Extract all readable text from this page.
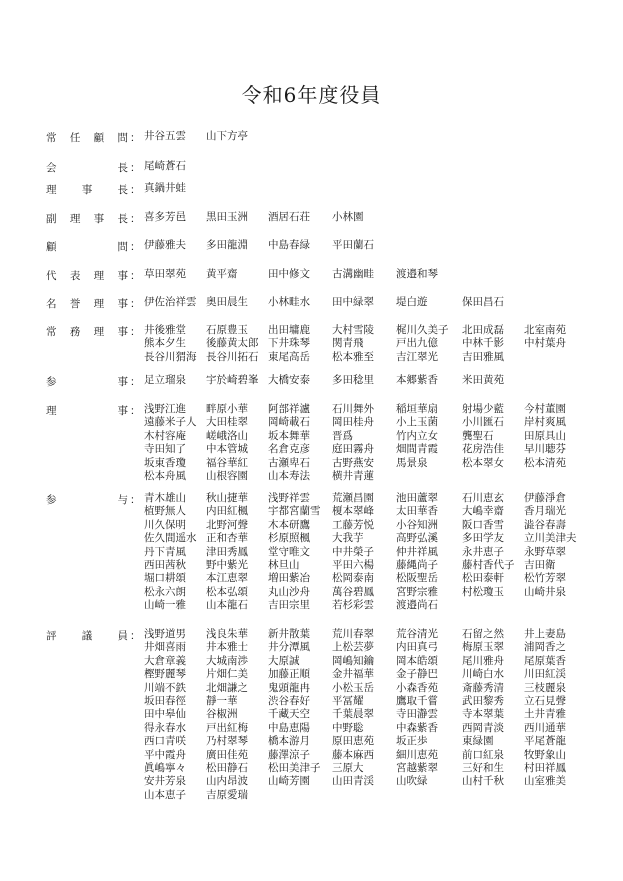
令和6年度役員
常 任 顧 問 ： 井谷五雲 山下方亭
会	長 ： 尾崎蒼石
理 事 長 ： 真鍋井蛙
副 理 事 長 ： 喜多芳邑 黒田玉洲 酒居石荘 小林園
顧	問 ： 伊藤雅夫 多田龍淵 中島春緑 平田蘭石
代 表 理 事 ： 草田翠苑 黄平齋	田中修文 古溝幽畦 渡邉和琴
名 誉 理 事 ： 伊佐治祥雲 奥田晨生 小林畦水 田中緑翠 堤白遊	保田昌石
常 務 理 事 ： 井後雅堂 石原豊玉 出田墉鹿 大村雪陵 梶川久美子 北田成磊 北室南苑
熊本夕生 後藤黄太郎 下井珠琴 関青飛	戸出九億 中林千影 中村葉舟
長谷川猬海 長谷川拓石 東尾高岳 松本雅至 吉江翠光 吉田雅風
参	事 ： 足立瑠泉 宇於崎碧峯 大橋安泰 多田稔里 本郷紫香 米田黄苑
理	事 ： 浅野江進 畔原小華 阿部祥瀘 石川舞外 稲垣華扇 射場少藍 今村董園
遠藤米子人 大田桂翠 岡崎載石 岡田桂舟 小上玉菌 小川匯石 岸村爽風
木村容庵 嵯峨洛山 坂本舞華 晋爲	竹内立女 龔聖石	田原具山
寺田知了 中本管城 名倉克彦 庭田霧舟 畑間青霞 花房浩佳 早川聴芬
坂東香瓊 福谷華紅 古瀬卑石 古野燕安 馬景泉	松本翠女 松本清苑
松本舟風 山根容園 山本寿法 横井青蓮
参	与 ： 青木雄山 秋山捷華 浅野祥雲 荒瀬昌園 池田蘆翠 石川恵玄 伊藤淨倉
植野無人 内田紅楓 宇都宮蘭雪 榎本翠峰 太田華香 大嶋幸齋 香月瑞光
川久保明 北野河聲 木本研鷹 工藤芳悦 小谷知洲 阪口香雪 澁谷春壽
佐久間遥水 正和杏華 杉原照楓 大我芋	高野弘溪 多田学友 立川美津夫
丹下青風 津田秀鳳 堂守唯文 中井榮子 仲井祥風 永井恵子 永野草翠
西田茜秋 野中紫光 林旦山	平田六楊 藤縄尚子 藤村香代子 吉田衛
堀口耕頌 本江恵翠 増田紫冶 松岡泰南 松阪聖岳 松田泰軒 松竹芳翠
松永六朗 松本弘頌 丸山沙舟 萬谷碧鳳 宮野宗雅 村松瓊玉 山崎井泉
山崎一雅 山本龍石 吉田宗里 若杉彩雲 渡邉尚石
評 議 員 ： 浅野道男 浅良朱華 新井散葉 荒川春翠 荒谷清光 石留之然 井上妻島
井畑喜雨 井本雅士 井分潭風 上松芸夢 内田真弓 梅原玉翠 浦岡香之
大倉章義 大城南渉 大原誠	岡嶋知鑰 岡本皓頌 尾川雅舟 尾原葉香
樫野麗琴 片畑仁美 加藤正順 金井福華 金子静巴 川崎白水 川田紅渓
川端不鉄 北畑謙之 鬼頭龍冉 小松玉岳 小森香苑 斎藤秀清 三枝麗泉
坂田春徑 靜一華	渋谷春好 平冨耀	鷹取千嘗 武田黎秀 立石見聲
田中皋仙 谷椒洲	千藏天空 千葉晨翠 寺田瀞雲 寺本翠葉 土井青雅
得永春水 戸出紅梅 中島恵陽 中野聡	中森紫香 西岡青淡 西川通華
西口青咲 乃村翠琴 橋本游月 原田恵苑 坂正歩	東緑園	平尾蒼龍
平中霞舟 廣田佳苑 藤澤涼子 藤本麻西 細川恵苑 前口紅泉 牧野象山
眞嶋寧々 松田静石 松田美津子 三原大	宮越紫翠 三好和生 村田祥鳳
安井芳泉 山内昂波 山崎芳園 山田青渓 山吹緑	山村千秋 山室雅美
山本恵子 吉原愛瑞
